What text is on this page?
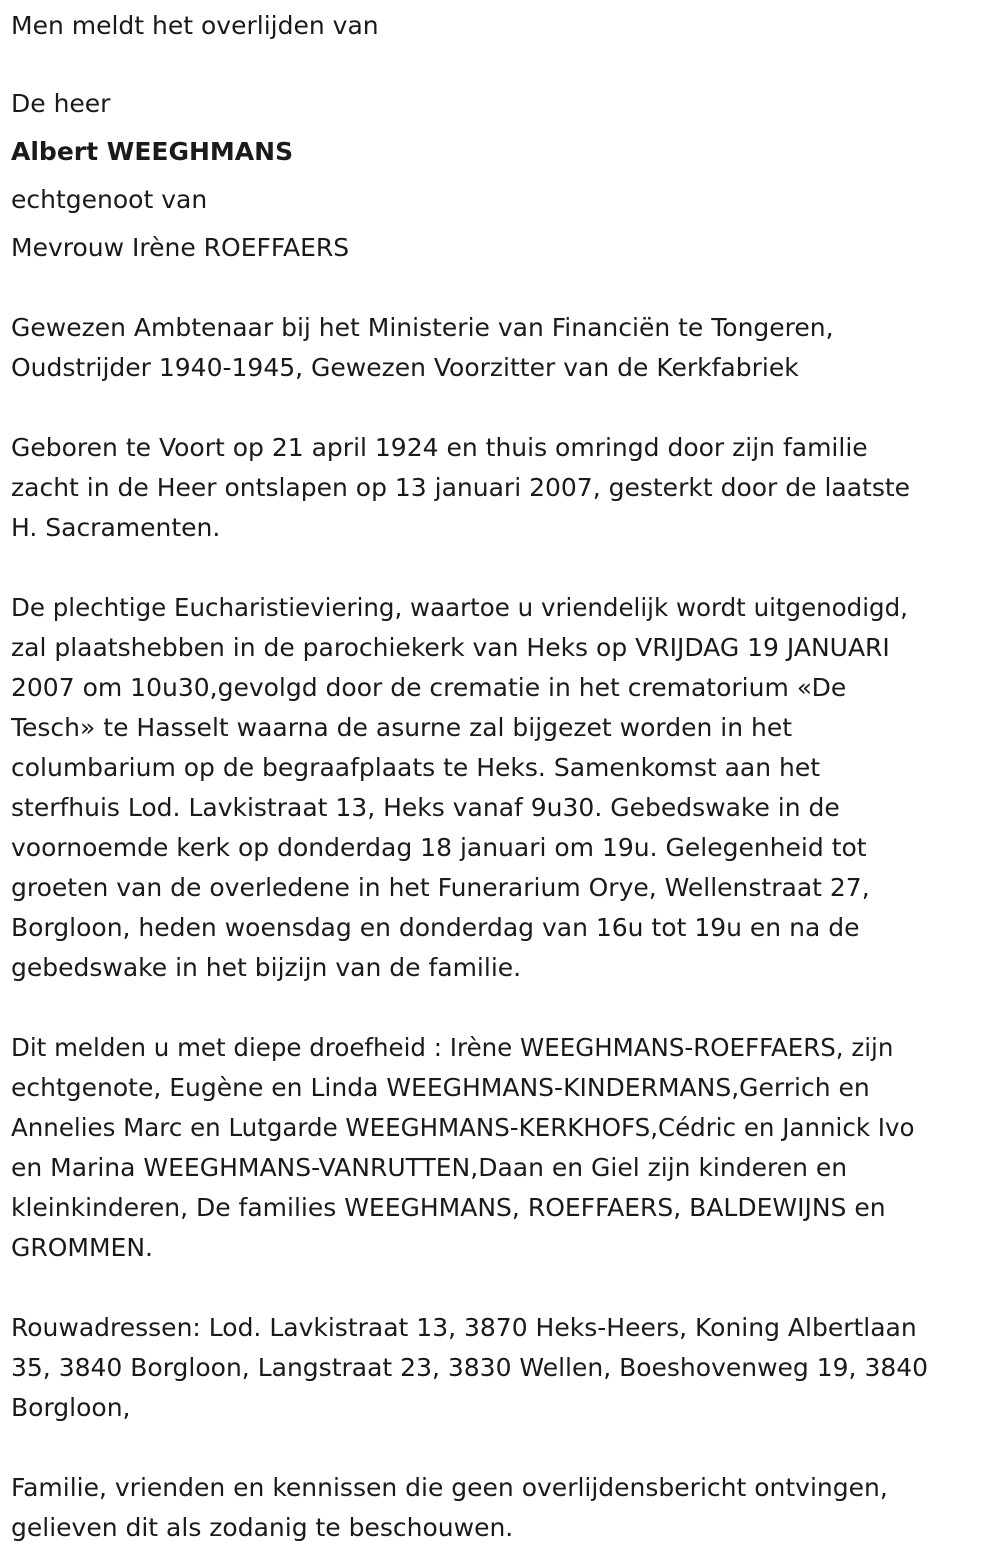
Men meldt het overlijden van

De heer

Albert WEEGHMANS

echtgenoot van

Mevrouw Irène ROEFFAERS

Gewezen Ambtenaar bij het Ministerie van Financiën te Tongeren,

Oudstrijder 1940-1945, Gewezen Voorzitter van de Kerkfabriek

Geboren te Voort op 21 april 1924 en thuis omringd door zijn familie

zacht in de Heer ontslapen op 13 januari 2007, gesterkt door de laatste

H. Sacramenten.

De plechtige Eucharistieviering, waartoe u vriendelijk wordt uitgenodigd,

zal plaatshebben in de parochiekerk van Heks op VRIJDAG 19 JANUARI

2007 om 10u30,gevolgd door de crematie in het crematorium «De

Tesch» te Hasselt waarna de asurne zal bijgezet worden in het

columbarium op de begraafplaats te Heks. Samenkomst aan het

sterfhuis Lod. Lavkistraat 13, Heks vanaf 9u30. Gebedswake in de

voornoemde kerk op donderdag 18 januari om 19u. Gelegenheid tot

groeten van de overledene in het Funerarium Orye, Wellenstraat 27,

Borgloon, heden woensdag en donderdag van 16u tot 19u en na de

gebedswake in het bijzijn van de familie.

Dit melden u met diepe droefheid : Irène WEEGHMANS-ROEFFAERS, zijn

echtgenote, Eugène en Linda WEEGHMANS-KINDERMANS,Gerrich en

Annelies Marc en Lutgarde WEEGHMANS-KERKHOFS,Cédric en Jannick Ivo

en Marina WEEGHMANS-VANRUTTEN,Daan en Giel zijn kinderen en

kleinkinderen, De families WEEGHMANS, ROEFFAERS, BALDEWIJNS en

GROMMEN.

Rouwadressen: Lod. Lavkistraat 13, 3870 Heks-Heers, Koning Albertlaan

35, 3840 Borgloon, Langstraat 23, 3830 Wellen, Boeshovenweg 19, 3840

Borgloon,

Familie, vrienden en kennissen die geen overlijdensbericht ontvingen,

gelieven dit als zodanig te beschouwen.
